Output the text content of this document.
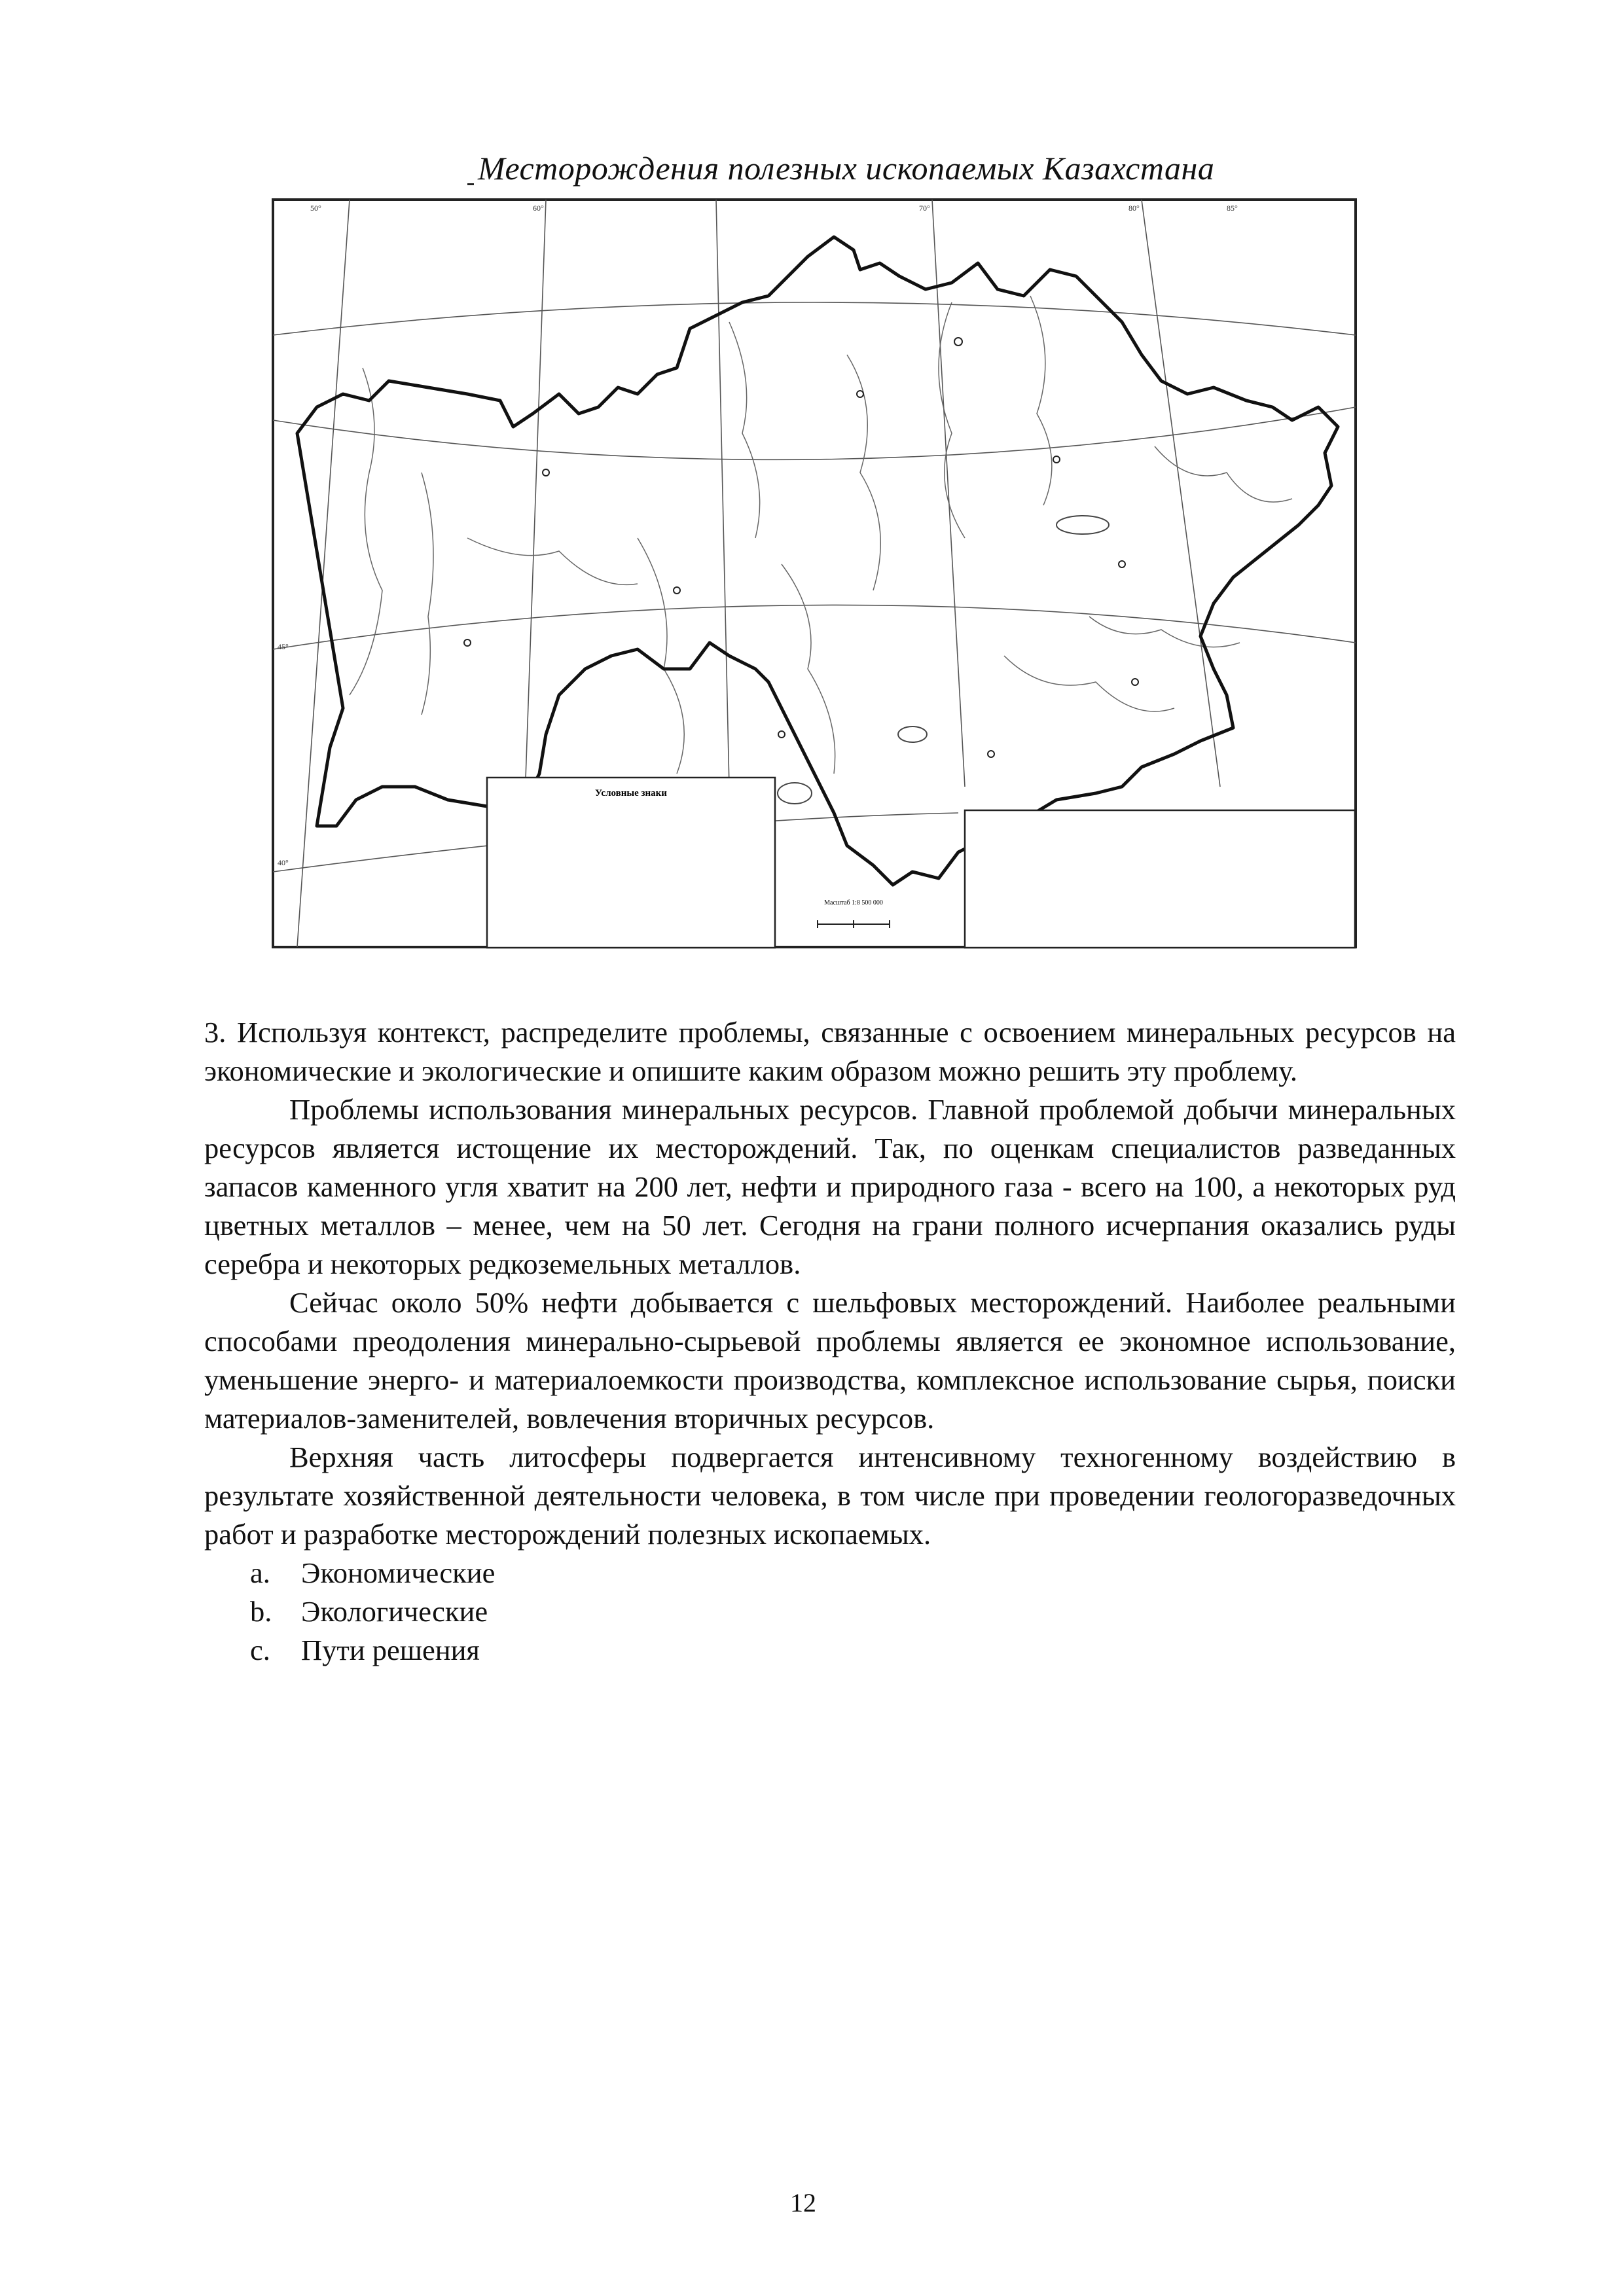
Месторождения полезных ископаемых Казахстана
50°	60°	70°	80°	85°
45°
40°
Условные знаки
Масштаб 1:8 500 000

3. Используя контекст, распределите проблемы, связанные с освоением минеральных ресурсов на экономические и экологические и опишите каким образом можно решить эту проблему.

Проблемы использования минеральных ресурсов. Главной проблемой добычи минеральных ресурсов является истощение их месторождений. Так, по оценкам специалистов разведанных запасов каменного угля хватит на 200 лет, нефти и природного газа - всего на 100, а некоторых руд цветных металлов – менее, чем на 50 лет. Сегодня на грани полного исчерпания оказались руды серебра и некоторых редкоземельных металлов.

Сейчас около 50% нефти добывается с шельфовых месторождений. Наиболее реальными способами преодоления минерально-сырьевой проблемы является ее экономное использование, уменьшение энерго- и материалоемкости производства, комплексное использование сырья, поиски материалов-заменителей, вовлечения вторичных ресурсов.

Верхняя часть литосферы подвергается интенсивному техногенному воздействию в результате хозяйственной деятельности человека, в том числе при проведении геологоразведочных работ и разработке месторождений полезных ископаемых.

a. Экономические
b. Экологические
c. Пути решения
12
